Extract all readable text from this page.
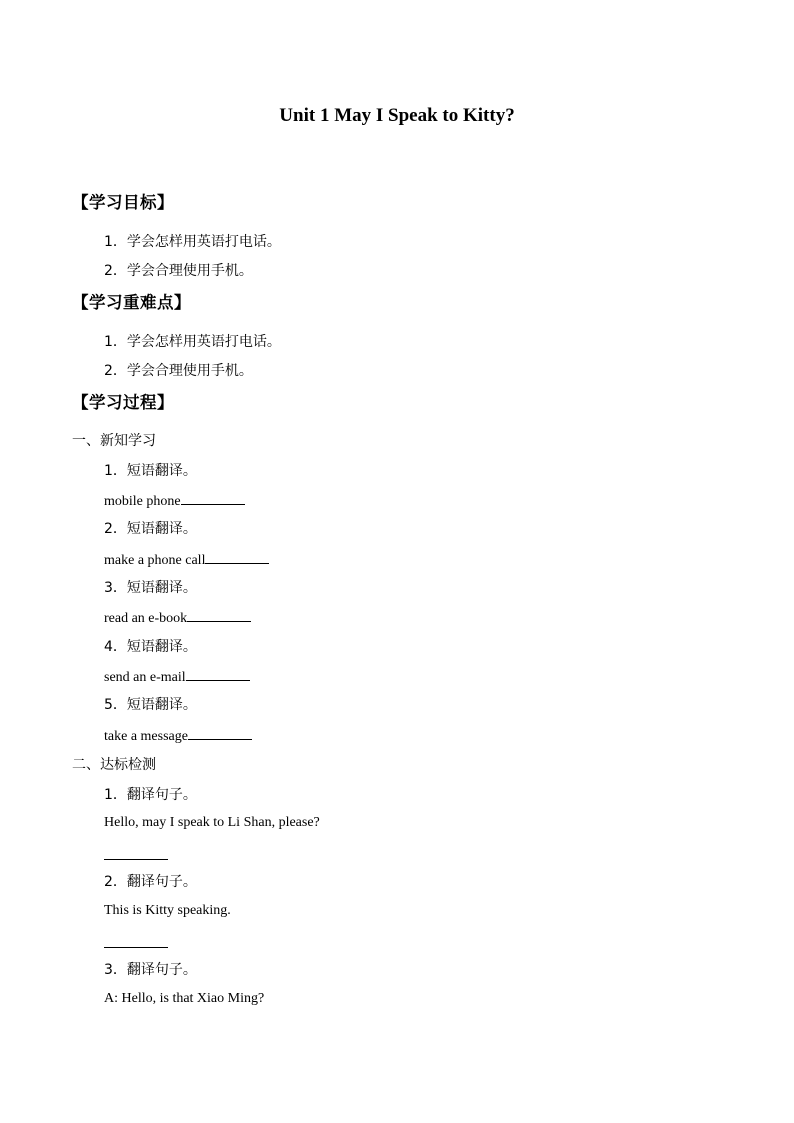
Unit 1 May I Speak to Kitty?
【学习目标】
1．学会怎样用英语打电话。
2．学会合理使用手机。
【学习重难点】
1．学会怎样用英语打电话。
2．学会合理使用手机。
【学习过程】
一、新知学习
1．短语翻译。
mobile phone
2．短语翻译。
make a phone call
3．短语翻译。
read an e-book
4．短语翻译。
send an e-mail
5．短语翻译。
take a message
二、达标检测
1．翻译句子。
Hello, may I speak to Li Shan, please?
2．翻译句子。
This is Kitty speaking.
3．翻译句子。
A: Hello, is that Xiao Ming?
